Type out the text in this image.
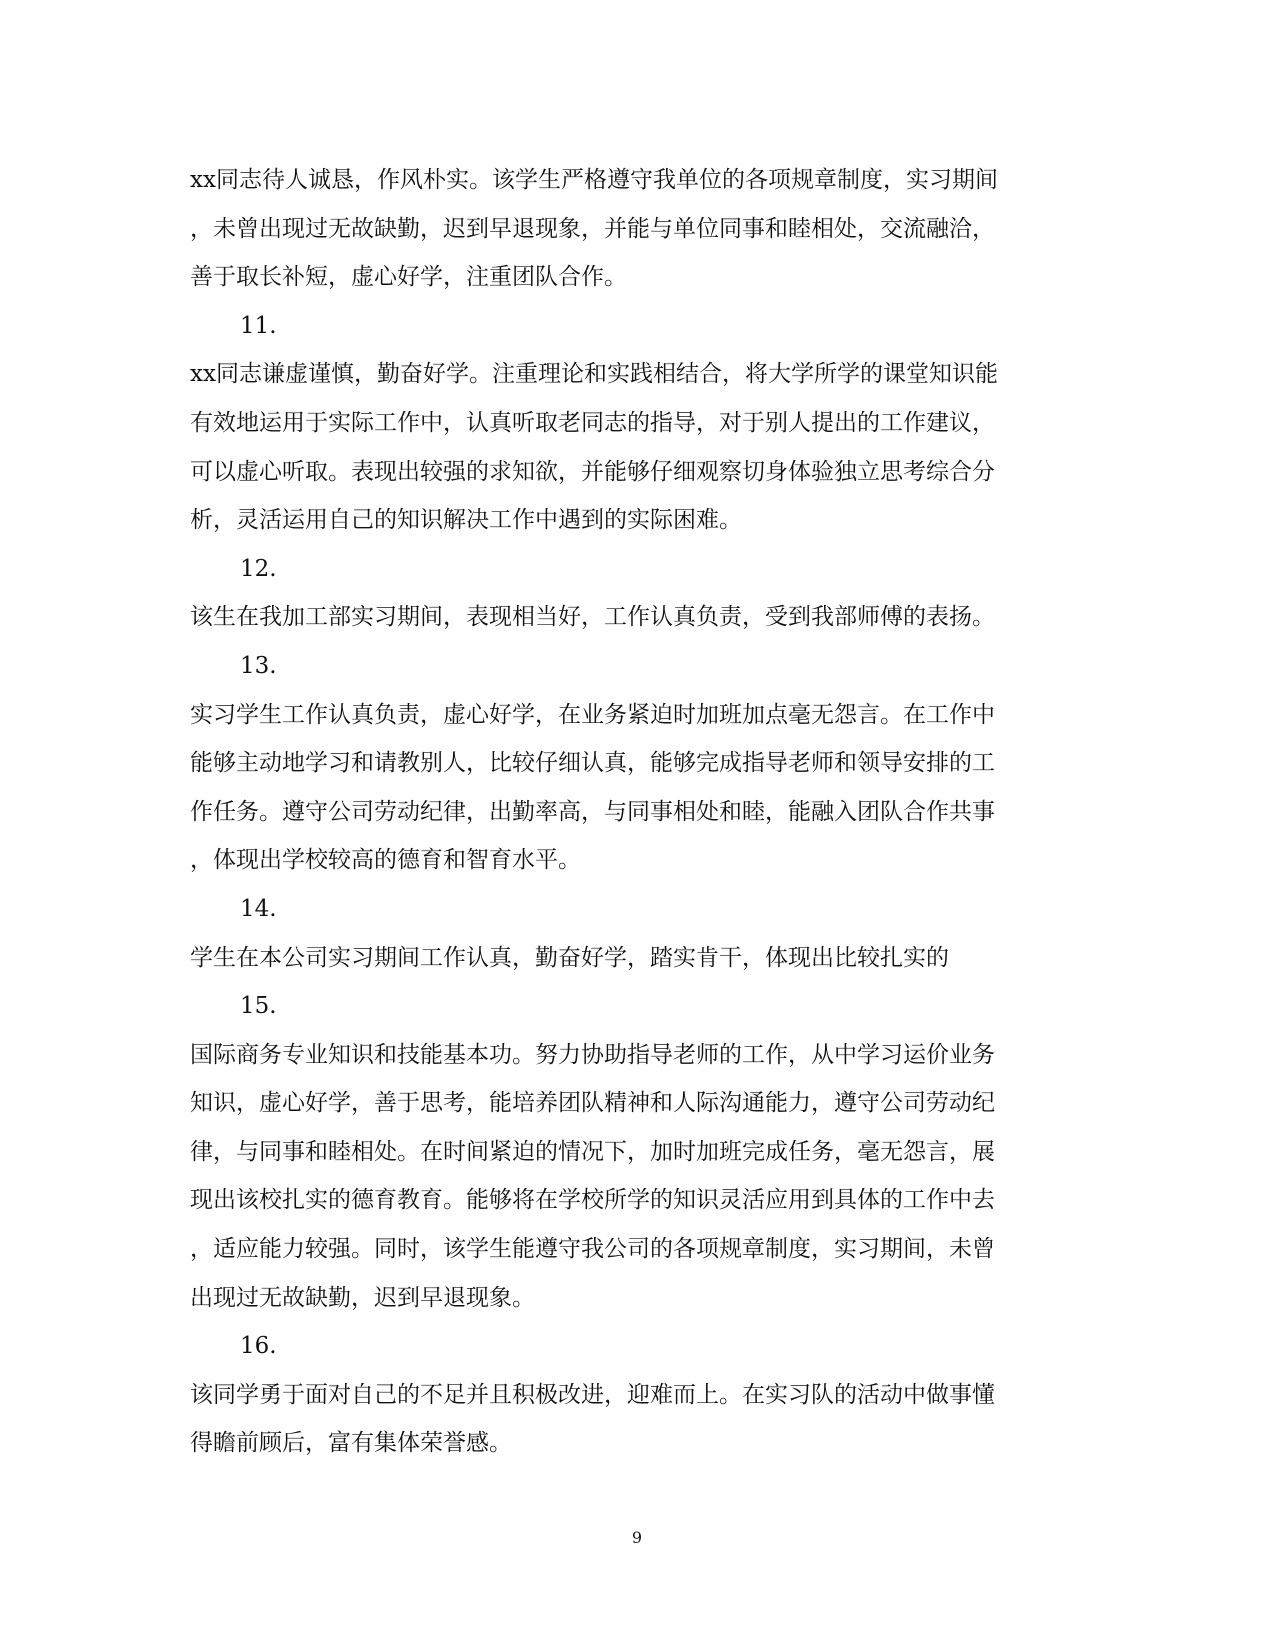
xx同志待人诚恳，作风朴实。该学生严格遵守我单位的各项规章制度，实习期间
，未曾出现过无故缺勤，迟到早退现象，并能与单位同事和睦相处，交流融洽，
善于取长补短，虚心好学，注重团队合作。
11.
xx同志谦虚谨慎，勤奋好学。注重理论和实践相结合，将大学所学的课堂知识能
有效地运用于实际工作中，认真听取老同志的指导，对于别人提出的工作建议，
可以虚心听取。表现出较强的求知欲，并能够仔细观察切身体验独立思考综合分
析，灵活运用自己的知识解决工作中遇到的实际困难。
12.
该生在我加工部实习期间，表现相当好，工作认真负责，受到我部师傅的表扬。
13.
实习学生工作认真负责，虚心好学，在业务紧迫时加班加点毫无怨言。在工作中
能够主动地学习和请教别人，比较仔细认真，能够完成指导老师和领导安排的工
作任务。遵守公司劳动纪律，出勤率高，与同事相处和睦，能融入团队合作共事
，体现出学校较高的德育和智育水平。
14.
学生在本公司实习期间工作认真，勤奋好学，踏实肯干，体现出比较扎实的
15.
国际商务专业知识和技能基本功。努力协助指导老师的工作，从中学习运价业务
知识，虚心好学，善于思考，能培养团队精神和人际沟通能力，遵守公司劳动纪
律，与同事和睦相处。在时间紧迫的情况下，加时加班完成任务，毫无怨言，展
现出该校扎实的德育教育。能够将在学校所学的知识灵活应用到具体的工作中去
，适应能力较强。同时，该学生能遵守我公司的各项规章制度，实习期间，未曾
出现过无故缺勤，迟到早退现象。
16.
该同学勇于面对自己的不足并且积极改进，迎难而上。在实习队的活动中做事懂
得瞻前顾后，富有集体荣誉感。
9
